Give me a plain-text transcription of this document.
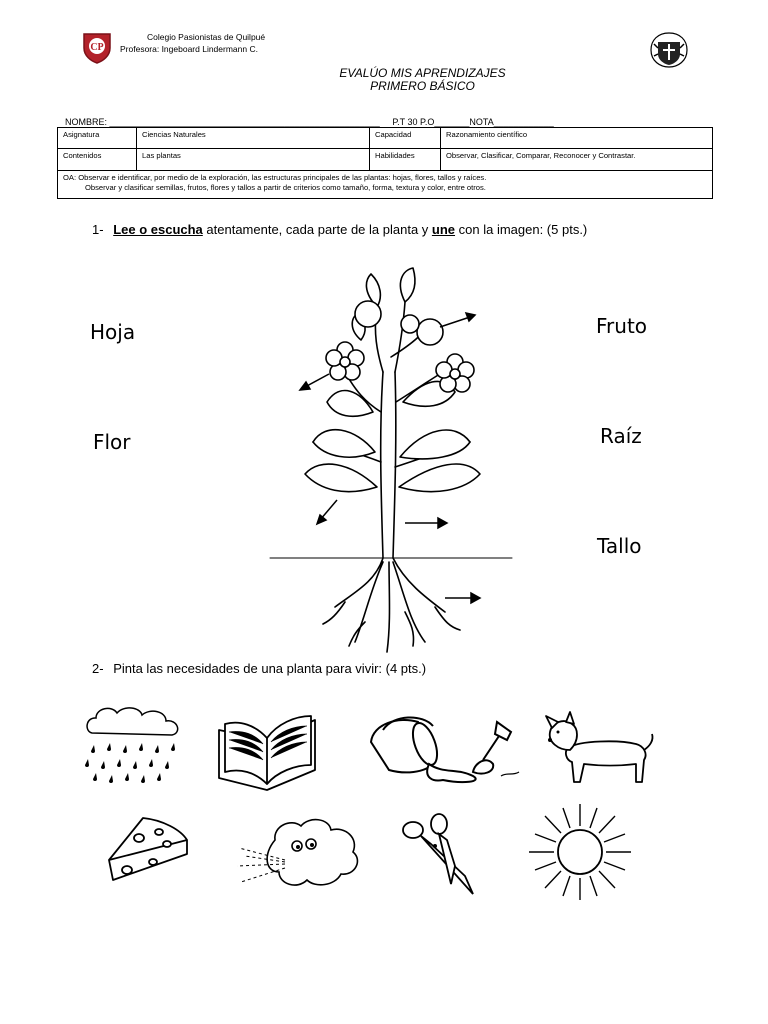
CP
Colegio Pasionistas de Quilpué
Profesora: Ingeboard Lindermann C.
EVALÚO MIS APRENDIZAJES
PRIMERO BÁSICO
NOMBRE: ______________________________________________________ P.T 30 P.O_______NOTA____________
Asignatura	Ciencias Naturales	Capacidad	Razonamiento científico
Contenidos	Las plantas	Habilidades	Observar, Clasificar, Comparar, Reconocer y Contrastar.

OA: Observar e identificar, por medio de la exploración, las estructuras principales de las plantas: hojas, flores, tallos y raíces.
Observar y clasificar semillas, frutos, flores y tallos a partir de criterios como tamaño, forma, textura y color, entre otros.			
1- Lee o escucha atentamente, cada parte de la planta y une con la imagen: (5 pts.)
Hoja
Flor
Fruto
Raíz
Tallo
2- Pinta las necesidades de una planta para vivir: (4 pts.)
